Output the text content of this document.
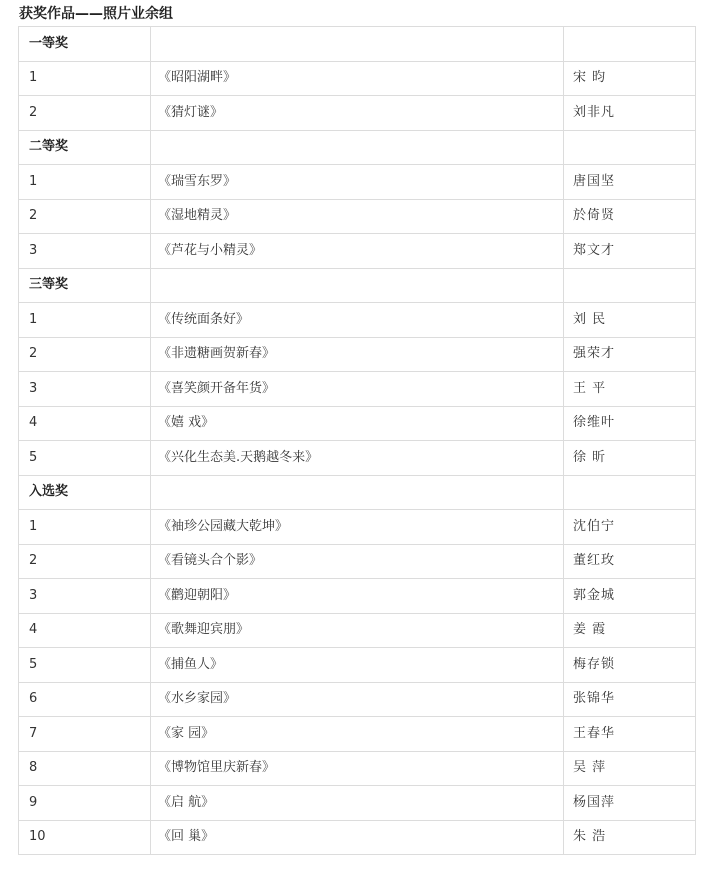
获奖作品——照片业余组
一等奖		
1	《昭阳湖畔》	宋 昀
2	《猜灯谜》	刘非凡
二等奖		
1	《瑞雪东罗》	唐国坚
2	《湿地精灵》	於倚贤
3	《芦花与小精灵》	郑文才
三等奖		
1	《传统面条好》	刘 民
2	《非遗糖画贺新春》	强荣才
3	《喜笑颜开备年货》	王 平
4	《嬉 戏》	徐维叶
5	《兴化生态美.天鹅越冬来》	徐 昕
入选奖		
1	《袖珍公园藏大乾坤》	沈伯宁
2	《看镜头合个影》	董红玫
3	《鹳迎朝阳》	郭金城
4	《歌舞迎宾朋》	姜 霞
5	《捕鱼人》	梅存锁
6	《水乡家园》	张锦华
7	《家 园》	王春华
8	《博物馆里庆新春》	吴 萍
9	《启 航》	杨国萍
10	《回 巢》	朱 浩
